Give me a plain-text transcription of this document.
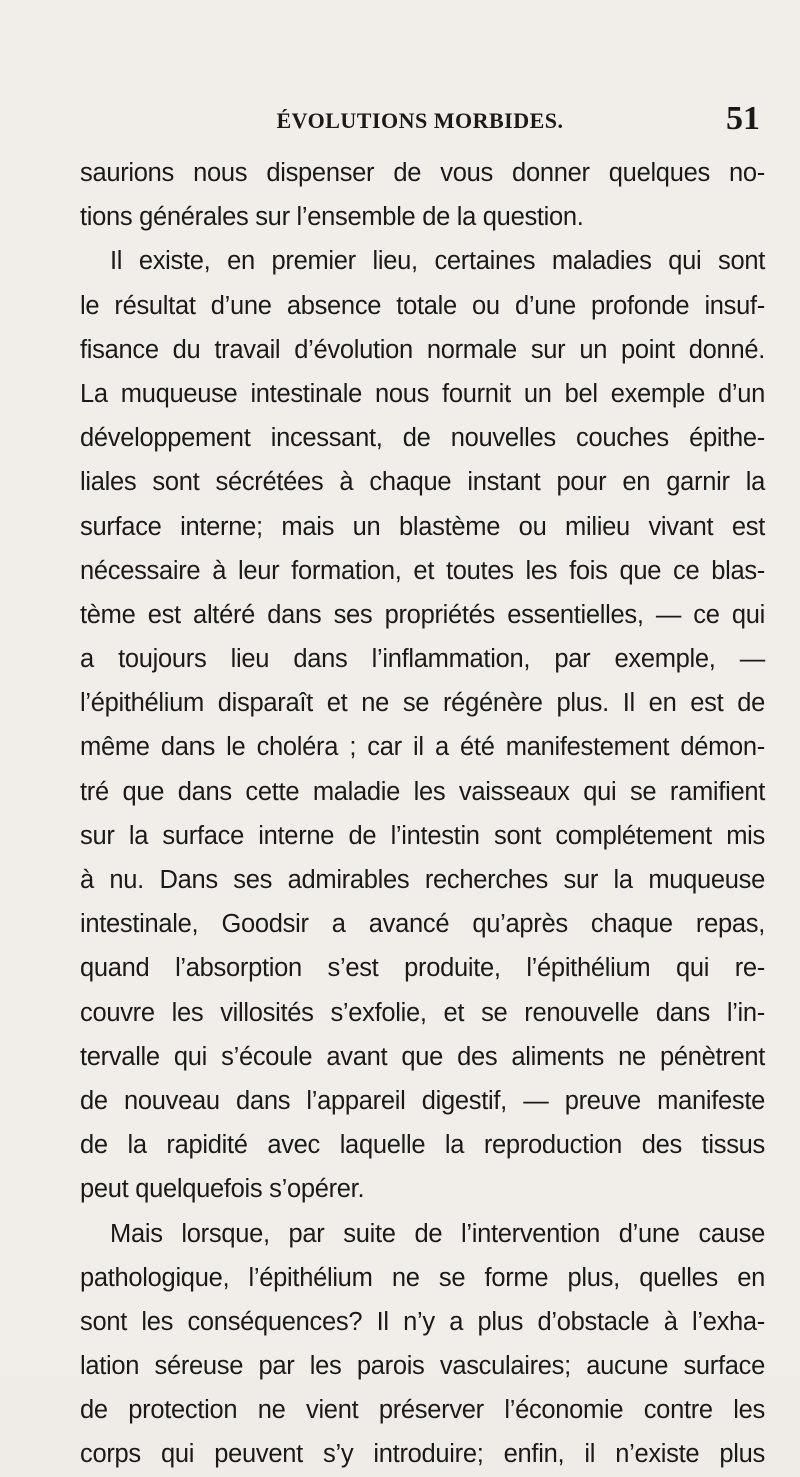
ÉVOLUTIONS MORBIDES.	51
saurions nous dispenser de vous donner quelques no-
tions générales sur l’ensemble de la question.
Il existe, en premier lieu, certaines maladies qui sont
le résultat d’une absence totale ou d’une profonde insuf-
fisance du travail d’évolution normale sur un point donné.
La muqueuse intestinale nous fournit un bel exemple d’un
développement incessant, de nouvelles couches épithe-
liales sont sécrétées à chaque instant pour en garnir la
surface interne; mais un blastème ou milieu vivant est
nécessaire à leur formation, et toutes les fois que ce blas-
tème est altéré dans ses propriétés essentielles, — ce qui
a toujours lieu dans l’inflammation, par exemple, —
l’épithélium disparaît et ne se régénère plus. Il en est de
même dans le choléra ; car il a été manifestement démon-
tré que dans cette maladie les vaisseaux qui se ramifient
sur la surface interne de l’intestin sont complétement mis
à nu. Dans ses admirables recherches sur la muqueuse
intestinale, Goodsir a avancé qu’après chaque repas,
quand l’absorption s’est produite, l’épithélium qui re-
couvre les villosités s’exfolie, et se renouvelle dans l’in-
tervalle qui s’écoule avant que des aliments ne pénètrent
de nouveau dans l’appareil digestif, — preuve manifeste
de la rapidité avec laquelle la reproduction des tissus
peut quelquefois s’opérer.
Mais lorsque, par suite de l’intervention d’une cause
pathologique, l’épithélium ne se forme plus, quelles en
sont les conséquences? Il n’y a plus d’obstacle à l’exha-
lation séreuse par les parois vasculaires; aucune surface
de protection ne vient préserver l’économie contre les
corps qui peuvent s’y introduire; enfin, il n’existe plus
